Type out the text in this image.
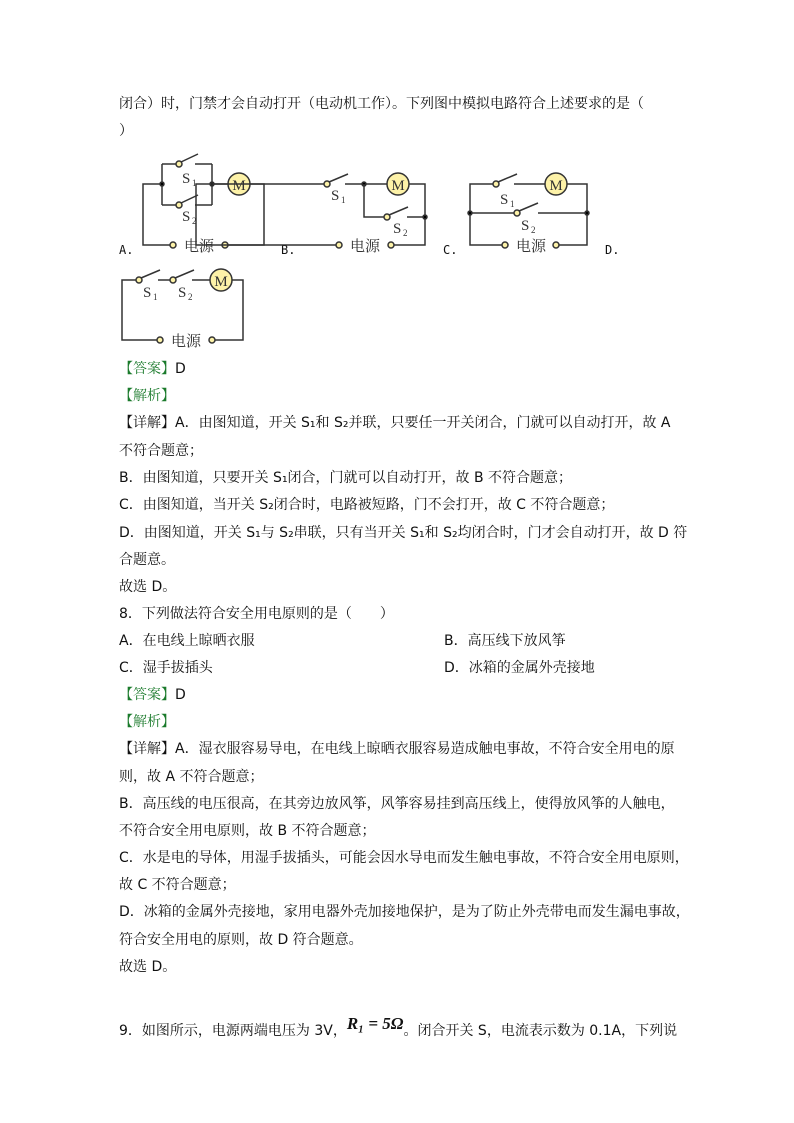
闭合）时，门禁才会自动打开（电动机工作）。下列图中模拟电路符合上述要求的是（
）
A.	B.	C.	D.
M
S 1
S 2
电源
M
S 1
S 2
电源
M
S 1
S 2
电源
M
S 1 S 2
电源
【答案】D
【解析】
【详解】A．由图知道，开关 S₁和 S₂并联，只要任一开关闭合，门就可以自动打开，故 A
不符合题意；
B．由图知道，只要开关 S₁闭合，门就可以自动打开，故 B 不符合题意；
C．由图知道，当开关 S₂闭合时，电路被短路，门不会打开，故 C 不符合题意；
D．由图知道，开关 S₁与 S₂串联，只有当开关 S₁和 S₂均闭合时，门才会自动打开，故 D 符
合题意。
故选 D。
8．下列做法符合安全用电原则的是（　　）
A．在电线上晾晒衣服	B．高压线下放风筝
C．湿手拔插头	D．冰箱的金属外壳接地
【答案】D
【解析】
【详解】A．湿衣服容易导电，在电线上晾晒衣服容易造成触电事故，不符合安全用电的原
则，故 A 不符合题意；
B．高压线的电压很高，在其旁边放风筝，风筝容易挂到高压线上，使得放风筝的人触电，
不符合安全用电原则，故 B 不符合题意；
C．水是电的导体，用湿手拔插头，可能会因水导电而发生触电事故，不符合安全用电原则，
故 C 不符合题意；
D．冰箱的金属外壳接地，家用电器外壳加接地保护，是为了防止外壳带电而发生漏电事故，
符合安全用电的原则，故 D 符合题意。
故选 D。
9．如图所示，电源两端电压为 3V，R₁ = 5Ω。闭合开关 S，电流表示数为 0.1A，下列说
